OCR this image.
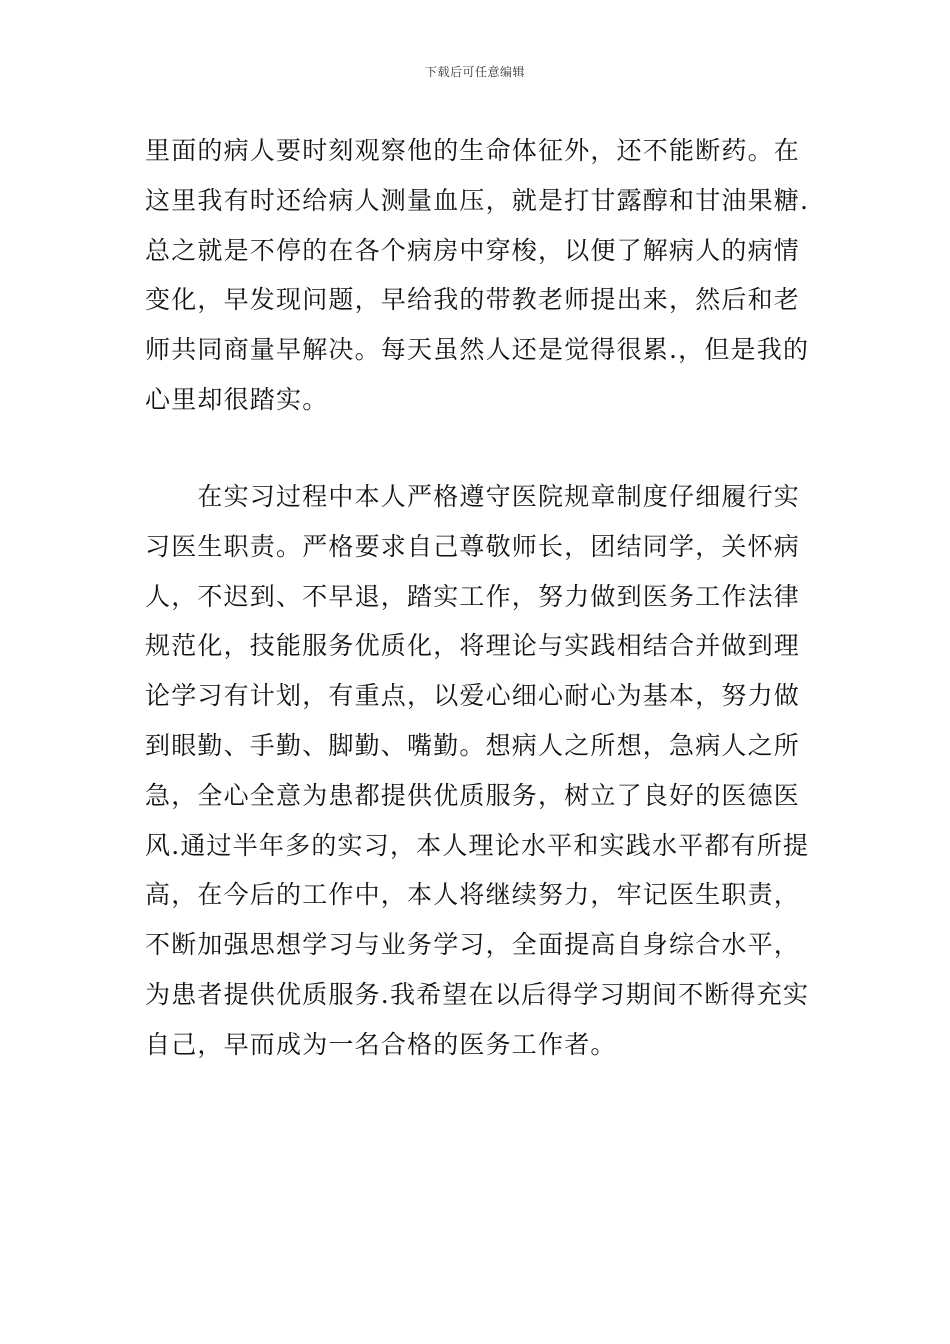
下载后可任意编辑
里面的病人要时刻观察他的生命体征外，还不能断药。在
这里我有时还给病人测量血压，就是打甘露醇和甘油果糖.
总之就是不停的在各个病房中穿梭，以便了解病人的病情
变化，早发现问题，早给我的带教老师提出来，然后和老
师共同商量早解决。每天虽然人还是觉得很累.，但是我的
心里却很踏实。
　　在实习过程中本人严格遵守医院规章制度仔细履行实
习医生职责。严格要求自己尊敬师长，团结同学，关怀病
人，不迟到、不早退，踏实工作，努力做到医务工作法律
规范化，技能服务优质化，将理论与实践相结合并做到理
论学习有计划，有重点，以爱心细心耐心为基本，努力做
到眼勤、手勤、脚勤、嘴勤。想病人之所想，急病人之所
急，全心全意为患都提供优质服务，树立了良好的医德医
风.通过半年多的实习，本人理论水平和实践水平都有所提
高，在今后的工作中，本人将继续努力，牢记医生职责，
不断加强思想学习与业务学习，全面提高自身综合水平，
为患者提供优质服务.我希望在以后得学习期间不断得充实
自己，早而成为一名合格的医务工作者。
